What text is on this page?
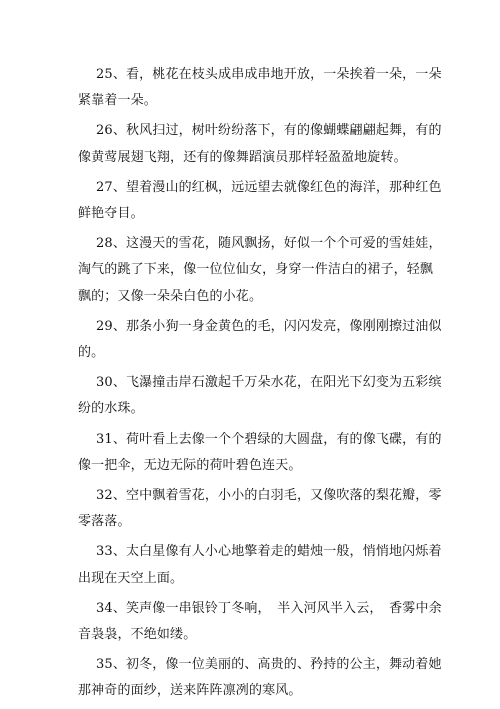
25、看，桃花在枝头成串成串地开放，一朵挨着一朵，一朵紧靠着一朵。

26、秋风扫过，树叶纷纷落下，有的像蝴蝶翩翩起舞，有的像黄莺展翅飞翔，还有的像舞蹈演员那样轻盈盈地旋转。

27、望着漫山的红枫，远远望去就像红色的海洋，那种红色鲜艳夺目。

28、这漫天的雪花，随风飘扬，好似一个个可爱的雪娃娃，淘气的跳了下来，像一位位仙女，身穿一件洁白的裙子，轻飘飘的；又像一朵朵白色的小花。

29、那条小狗一身金黄色的毛，闪闪发亮，像刚刚擦过油似的。

30、飞瀑撞击岸石激起千万朵水花，在阳光下幻变为五彩缤纷的水珠。

31、荷叶看上去像一个个碧绿的大圆盘，有的像飞碟，有的像一把伞，无边无际的荷叶碧色连天。

32、空中飘着雪花，小小的白羽毛，又像吹落的梨花瓣，零零落落。

33、太白星像有人小心地擎着走的蜡烛一般，悄悄地闪烁着出现在天空上面。

34、笑声像一串银铃丁冬响，　半入河风半入云，　香雾中余音袅袅，不绝如缕。

35、初冬，像一位美丽的、高贵的、矜持的公主，舞动着她那神奇的面纱，送来阵阵凛冽的寒风。
